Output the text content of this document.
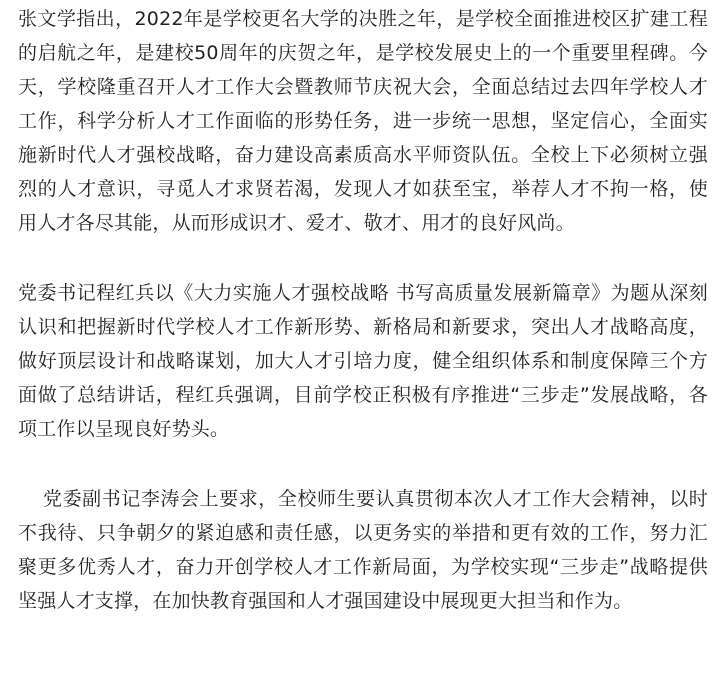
张文学指出，2022年是学校更名大学的决胜之年，是学校全面推进校区扩建工程的启航之年，是建校50周年的庆贺之年，是学校发展史上的一个重要里程碑。今天，学校隆重召开人才工作大会暨教师节庆祝大会，全面总结过去四年学校人才工作，科学分析人才工作面临的形势任务，进一步统一思想，坚定信心，全面实施新时代人才强校战略，奋力建设高素质高水平师资队伍。全校上下必须树立强烈的人才意识，寻觅人才求贤若渴，发现人才如获至宝，举荐人才不拘一格，使用人才各尽其能，从而形成识才、爱才、敬才、用才的良好风尚。

党委书记程红兵以《大力实施人才强校战略 书写高质量发展新篇章》为题从深刻认识和把握新时代学校人才工作新形势、新格局和新要求，突出人才战略高度，做好顶层设计和战略谋划，加大人才引培力度，健全组织体系和制度保障三个方面做了总结讲话，程红兵强调，目前学校正积极有序推进“三步走”发展战略，各项工作以呈现良好势头。

党委副书记李涛会上要求，全校师生要认真贯彻本次人才工作大会精神，以时不我待、只争朝夕的紧迫感和责任感，以更务实的举措和更有效的工作，努力汇聚更多优秀人才，奋力开创学校人才工作新局面，为学校实现“三步走”战略提供坚强人才支撑，在加快教育强国和人才强国建设中展现更大担当和作为。
